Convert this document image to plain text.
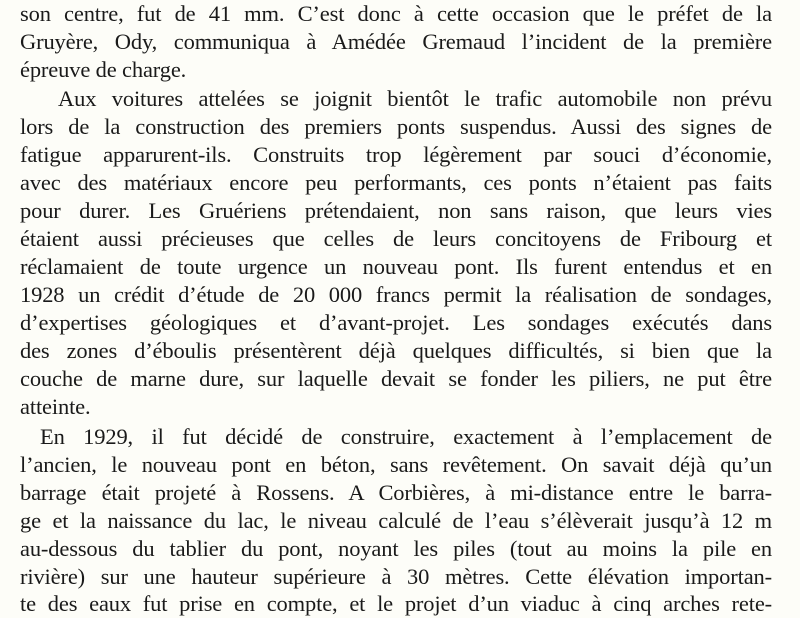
son centre, fut de 41 mm. C’est donc à cette occasion que le préfet de la
Gruyère, Ody, communiqua à Amédée Gremaud l’incident de la première
épreuve de charge.
Aux voitures attelées se joignit bientôt le trafic automobile non prévu
lors de la construction des premiers ponts suspendus. Aussi des signes de
fatigue apparurent-ils. Construits trop légèrement par souci d’économie,
avec des matériaux encore peu performants, ces ponts n’étaient pas faits
pour durer. Les Gruériens prétendaient, non sans raison, que leurs vies
étaient aussi précieuses que celles de leurs concitoyens de Fribourg et
réclamaient de toute urgence un nouveau pont. Ils furent entendus et en
1928 un crédit d’étude de 20 000 francs permit la réalisation de sondages,
d’expertises géologiques et d’avant-projet. Les sondages exécutés dans
des zones d’éboulis présentèrent déjà quelques difficultés, si bien que la
couche de marne dure, sur laquelle devait se fonder les piliers, ne put être
atteinte.
En 1929, il fut décidé de construire, exactement à l’emplacement de
l’ancien, le nouveau pont en béton, sans revêtement. On savait déjà qu’un
barrage était projeté à Rossens. A Corbières, à mi-distance entre le barra-
ge et la naissance du lac, le niveau calculé de l’eau s’élèverait jusqu’à 12 m
au-dessous du tablier du pont, noyant les piles (tout au moins la pile en
rivière) sur une hauteur supérieure à 30 mètres. Cette élévation importan-
te des eaux fut prise en compte, et le projet d’un viaduc à cinq arches rete-
